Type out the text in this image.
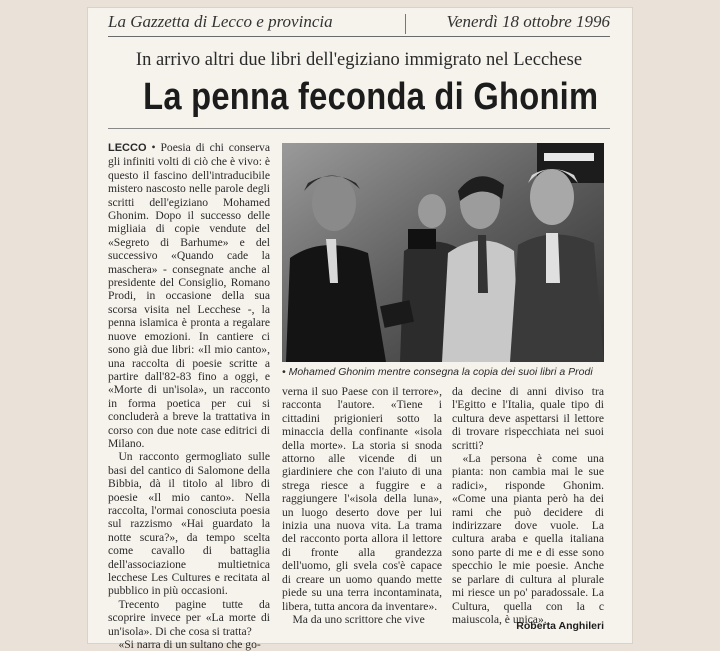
La Gazzetta di Lecco e provincia	Venerdì 18 ottobre 1996
In arrivo altri due libri dell'egiziano immigrato nel Lecchese
La penna feconda di Ghonim

LECCO • Poesia di chi conserva gli infiniti volti di ciò che è vivo: è questo il fascino dell'intraducibile mistero nascosto nelle parole degli scritti dell'egiziano Mohamed Ghonim. Dopo il successo delle migliaia di copie vendute del «Segreto di Barhume» e del successivo «Quando cade la maschera» - consegnate anche al presidente del Consiglio, Romano Prodi, in occasione della sua scorsa visita nel Lecchese -, la penna islamica è pronta a regalare nuove emozioni. In cantiere ci sono già due libri: «Il mio canto», una raccolta di poesie scritte a partire dall'82-83 fino a oggi, e «Morte di un'isola», un racconto in forma poetica per cui si concluderà a breve la trattativa in corso con due note case editrici di Milano.

Un racconto germogliato sulle basi del cantico di Salomone della Bibbia, dà il titolo al libro di poesie «Il mio canto». Nella raccolta, l'ormai conosciuta poesia sul razzismo «Hai guardato la notte scura?», da tempo scelta come cavallo di battaglia dell'associazione multietnica lecchese Les Cultures e recitata al pubblico in più occasioni.

Trecento pagine tutte da scoprire invece per «La morte di un'isola». Di che cosa si tratta?

«Si narra di un sultano che go-

• Mohamed Ghonim mentre consegna la copia dei suoi libri a Prodi

verna il suo Paese con il terrore», racconta l'autore. «Tiene i cittadini prigionieri sotto la minaccia della confinante «isola della morte». La storia si snoda attorno alle vicende di un giardiniere che con l'aiuto di una strega riesce a fuggire e a raggiungere l'«isola della luna», un luogo deserto dove per lui inizia una nuova vita. La trama del racconto porta allora il lettore di fronte alla grandezza dell'uomo, gli svela cos'è capace di creare un uomo quando mette piede su una terra incontaminata, libera, tutta ancora da inventare».

Ma da uno scrittore che vive

da decine di anni diviso tra l'Egitto e l'Italia, quale tipo di cultura deve aspettarsi il lettore di trovare rispecchiata nei suoi scritti?

«La persona è come una pianta: non cambia mai le sue radici», risponde Ghonim. «Come una pianta però ha dei rami che può decidere di indirizzare dove vuole. La cultura araba e quella italiana sono parte di me e di esse sono specchio le mie poesie. Anche se parlare di cultura al plurale mi riesce un po' paradossale. La Cultura, quella con la c maiuscola, è unica».

Roberta Anghileri
